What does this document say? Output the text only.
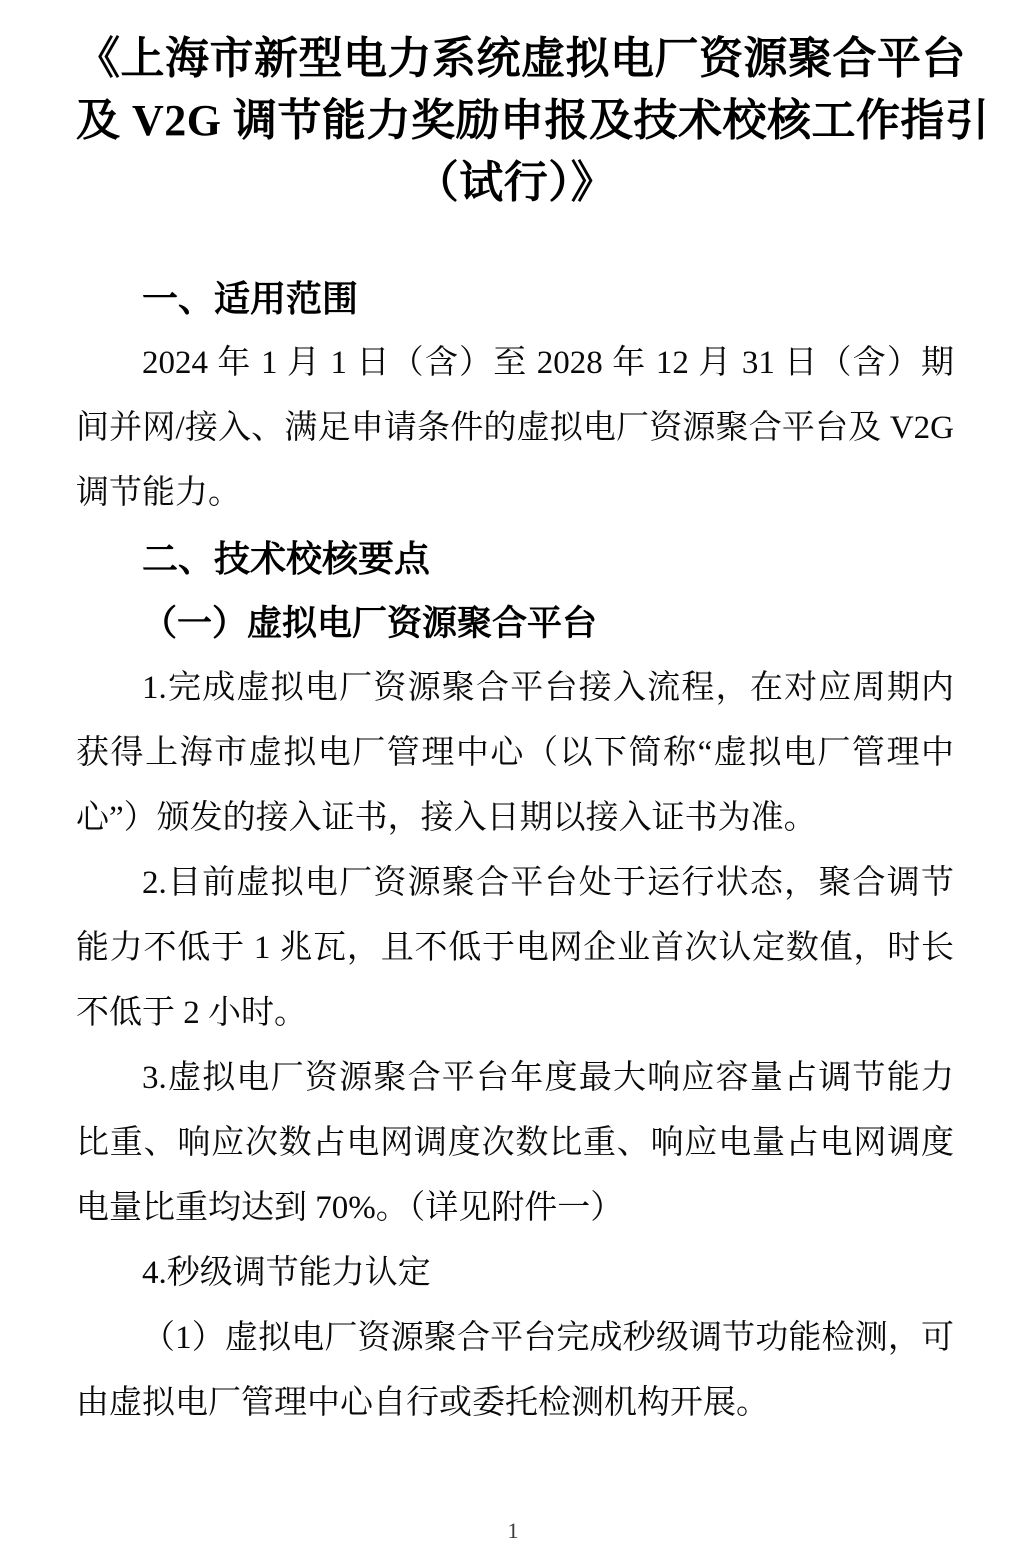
《上海市新型电力系统虚拟电厂资源聚合平台
及 V2G 调节能力奖励申报及技术校核工作指引
（试行）》
一、适用范围

2024 年 1 月 1 日（含）至 2028 年 12 月 31 日（含）期间并网/接入、满足申请条件的虚拟电厂资源聚合平台及 V2G 调节能力。

二、技术校核要点
（一）虚拟电厂资源聚合平台

1.完成虚拟电厂资源聚合平台接入流程，在对应周期内获得上海市虚拟电厂管理中心（以下简称“虚拟电厂管理中心”）颁发的接入证书，接入日期以接入证书为准。

2.目前虚拟电厂资源聚合平台处于运行状态，聚合调节能力不低于 1 兆瓦，且不低于电网企业首次认定数值，时长不低于 2 小时。

3.虚拟电厂资源聚合平台年度最大响应容量占调节能力比重、响应次数占电网调度次数比重、响应电量占电网调度电量比重均达到 70%。（详见附件一）

4.秒级调节能力认定

（1）虚拟电厂资源聚合平台完成秒级调节功能检测，可由虚拟电厂管理中心自行或委托检测机构开展。

1
